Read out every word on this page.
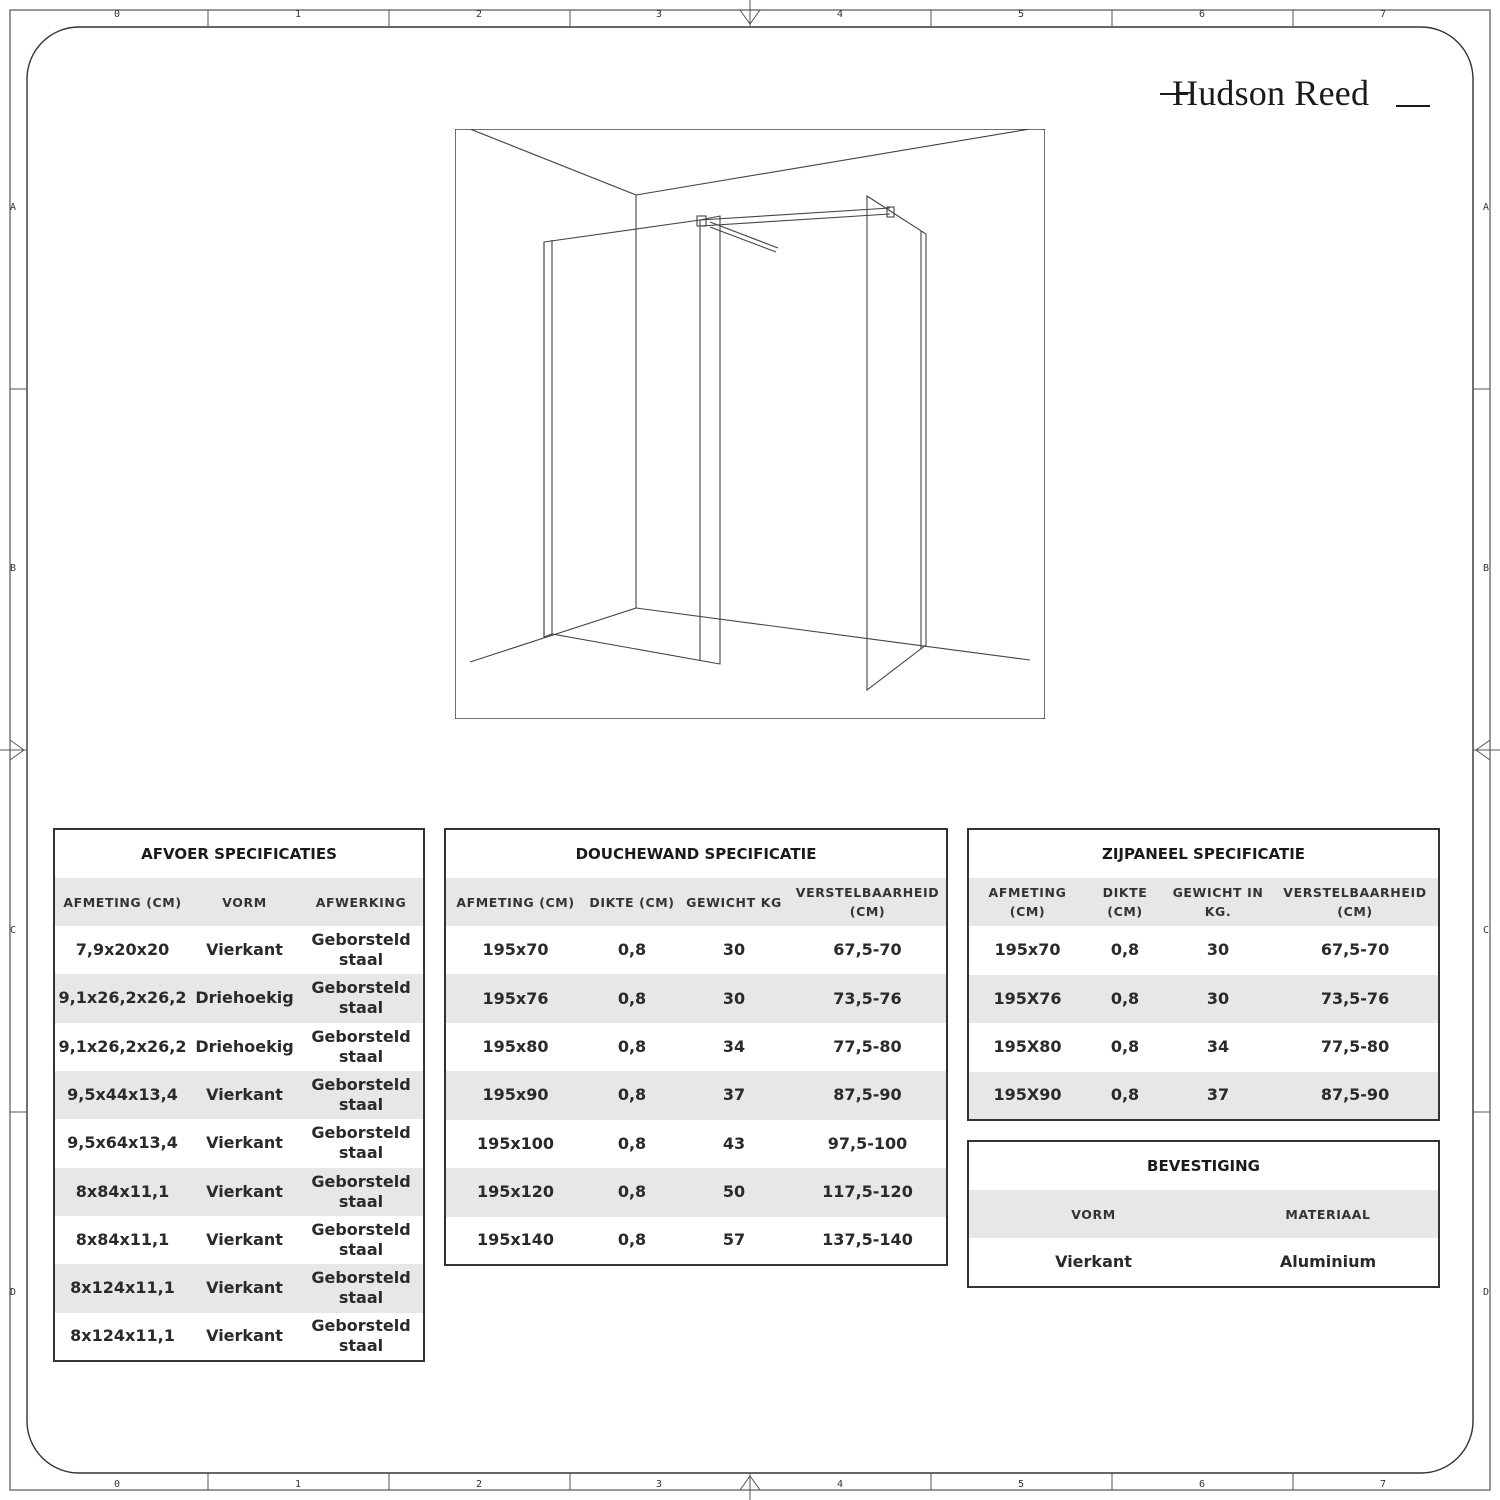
0	1	2	3	4	5	6	7
0	1	2	3	4	5	6	7
A
B
C
D
A
B
C
D
Hudson Reed
AFVOER SPECIFICATIES		
AFMETING (CM)	VORM	AFWERKING
7,9x20x20	Vierkant	Geborsteld staal
9,1x26,2x26,2	Driehoekig	Geborsteld staal
9,1x26,2x26,2	Driehoekig	Geborsteld staal
9,5x44x13,4	Vierkant	Geborsteld staal
9,5x64x13,4	Vierkant	Geborsteld staal
8x84x11,1	Vierkant	Geborsteld staal
8x84x11,1	Vierkant	Geborsteld staal
8x124x11,1	Vierkant	Geborsteld staal
8x124x11,1	Vierkant	Geborsteld staal
DOUCHEWAND SPECIFICATIE			
AFMETING (CM)	DIKTE (CM)	GEWICHT KG	VERSTELBAARHEID (CM)
195x70	0,8	30	67,5-70
195x76	0,8	30	73,5-76
195x80	0,8	34	77,5-80
195x90	0,8	37	87,5-90
195x100	0,8	43	97,5-100
195x120	0,8	50	117,5-120
195x140	0,8	57	137,5-140
ZIJPANEEL SPECIFICATIE			
AFMETING (CM)	DIKTE (CM)	GEWICHT IN KG.	VERSTELBAARHEID (CM)
195x70	0,8	30	67,5-70
195X76	0,8	30	73,5-76
195X80	0,8	34	77,5-80
195X90	0,8	37	87,5-90
BEVESTIGING	
VORM	MATERIAAL
Vierkant	Aluminium
